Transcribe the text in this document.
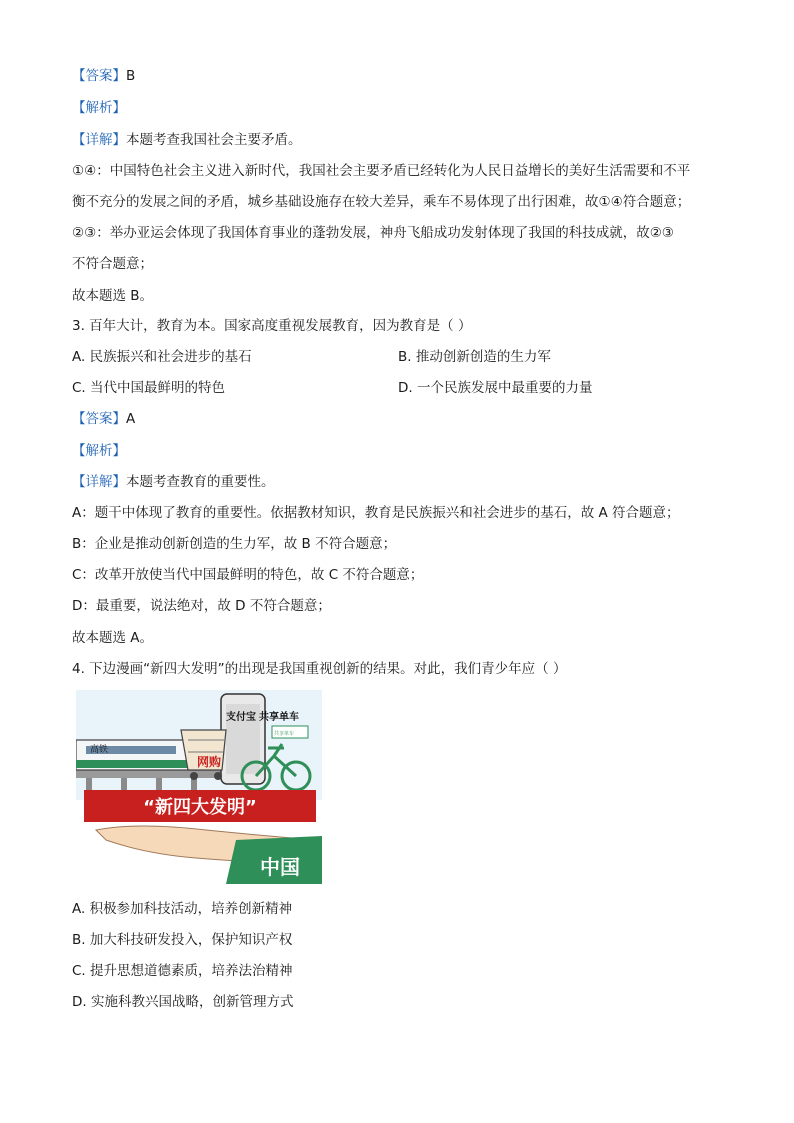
【答案】B
【解析】
【详解】本题考查我国社会主要矛盾。
①④：中国特色社会主义进入新时代，我国社会主要矛盾已经转化为人民日益增长的美好生活需要和不平
衡不充分的发展之间的矛盾，城乡基础设施存在较大差异，乘车不易体现了出行困难，故①④符合题意；
②③：举办亚运会体现了我国体育事业的蓬勃发展，神舟飞船成功发射体现了我国的科技成就，故②③
不符合题意；
故本题选 B。
3. 百年大计，教育为本。国家高度重视发展教育，因为教育是（ ）
A. 民族振兴和社会进步的基石	B. 推动创新创造的生力军
C. 当代中国最鲜明的特色	D. 一个民族发展中最重要的力量
【答案】A
【解析】
【详解】本题考查教育的重要性。
A：题干中体现了教育的重要性。依据教材知识，教育是民族振兴和社会进步的基石，故 A 符合题意；
B：企业是推动创新创造的生力军，故 B 不符合题意；
C：改革开放使当代中国最鲜明的特色，故 C 不符合题意；
D：最重要，说法绝对，故 D 不符合题意；
故本题选 A。
4. 下边漫画“新四大发明”的出现是我国重视创新的结果。对此，我们青少年应（ ）
高铁
支付宝 共享单车
网购
共享单车
“新四大发明”
中国
A. 积极参加科技活动，培养创新精神
B. 加大科技研发投入，保护知识产权
C. 提升思想道德素质，培养法治精神
D. 实施科教兴国战略，创新管理方式
